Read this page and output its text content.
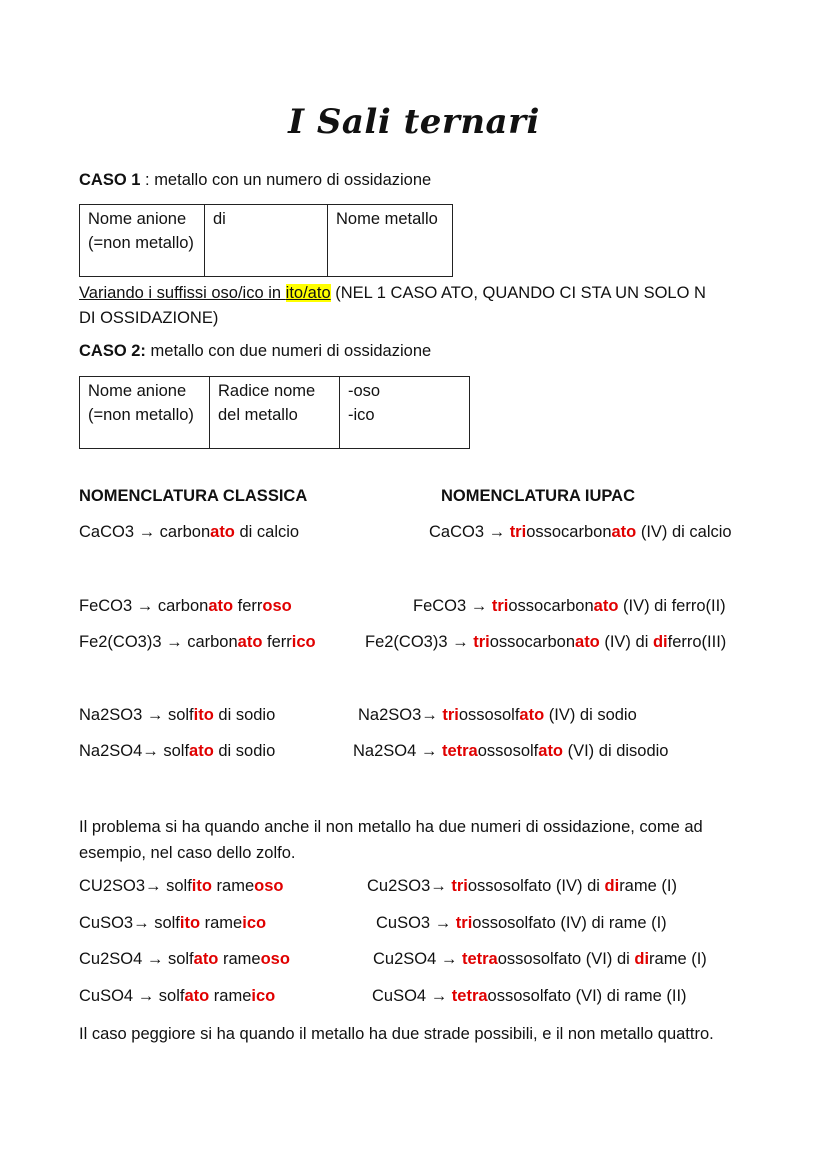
I Sali ternari
CASO 1 : metallo con un numero di ossidazione
Nome anione (=non metallo)	di	Nome metallo
Variando i suffissi oso/ico in ito/ato (NEL 1 CASO ATO, QUANDO CI STA UN SOLO N
DI OSSIDAZIONE)
CASO 2: metallo con due numeri di ossidazione
Nome anione (=non metallo)	Radice nome del metallo	-oso
-ico
NOMENCLATURA CLASSICA	NOMENCLATURA IUPAC
CaCO3 → carbonato di calcio	CaCO3 → triossocarbonato (IV) di calcio
FeCO3 → carbonato ferroso	FeCO3 → triossocarbonato (IV) di ferro(II)
Fe2(CO3)3 → carbonato ferrico	Fe2(CO3)3 → triossocarbonato (IV) di diferro(III)
Na2SO3 → solfito di sodio	Na2SO3→ triossosolfato (IV) di sodio
Na2SO4→ solfato di sodio	Na2SO4 → tetraossosolfato (VI) di disodio
Il problema si ha quando anche il non metallo ha due numeri di ossidazione, come ad esempio, nel caso dello zolfo.
CU2SO3→ solfito rameoso	Cu2SO3→ triossosolfato (IV) di dirame (I)
CuSO3→ solfito rameico	CuSO3 → triossosolfato (IV) di rame (I)
Cu2SO4 → solfato rameoso	Cu2SO4 → tetraossosolfato (VI) di dirame (I)
CuSO4 → solfato rameico	CuSO4 → tetraossosolfato (VI) di rame (II)
Il caso peggiore si ha quando il metallo ha due strade possibili, e il non metallo quattro.
